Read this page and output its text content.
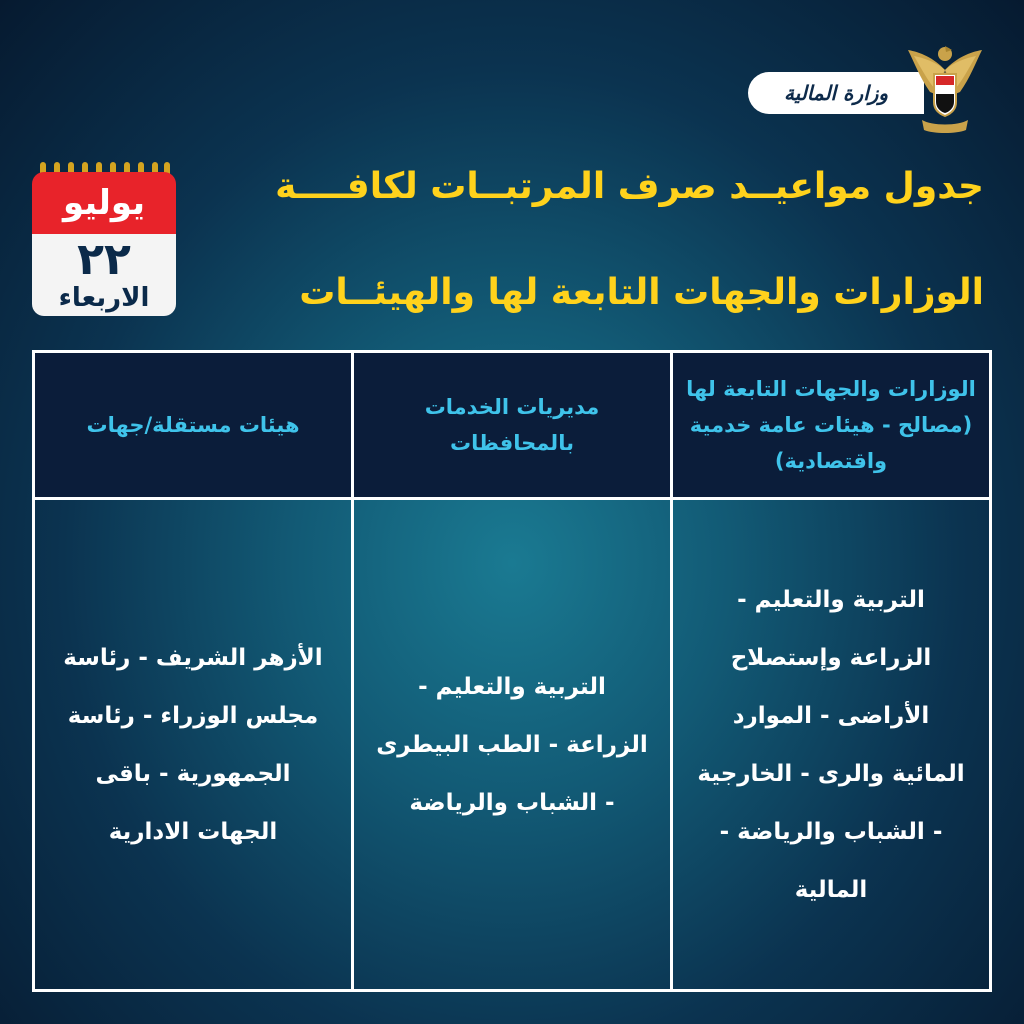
وزارة المالية
يوليو
٢٢
الاربعاء
جدول مواعيــد صرف المرتبــات لكافــــة
الوزارات والجهات التابعة لها والهيئــات
الوزارات والجهات التابعة لها (مصالح - هيئات عامة خدمية واقتصادية)	مديريات الخدمات بالمحافظات	هيئات مستقلة/جهات
التربية والتعليم - الزراعة وإستصلاح الأراضى - الموارد المائية والرى - الخارجية - الشباب والرياضة - المالية	التربية والتعليم - الزراعة - الطب البيطرى - الشباب والرياضة	الأزهر الشريف - رئاسة مجلس الوزراء - رئاسة الجمهورية - باقى الجهات الادارية
